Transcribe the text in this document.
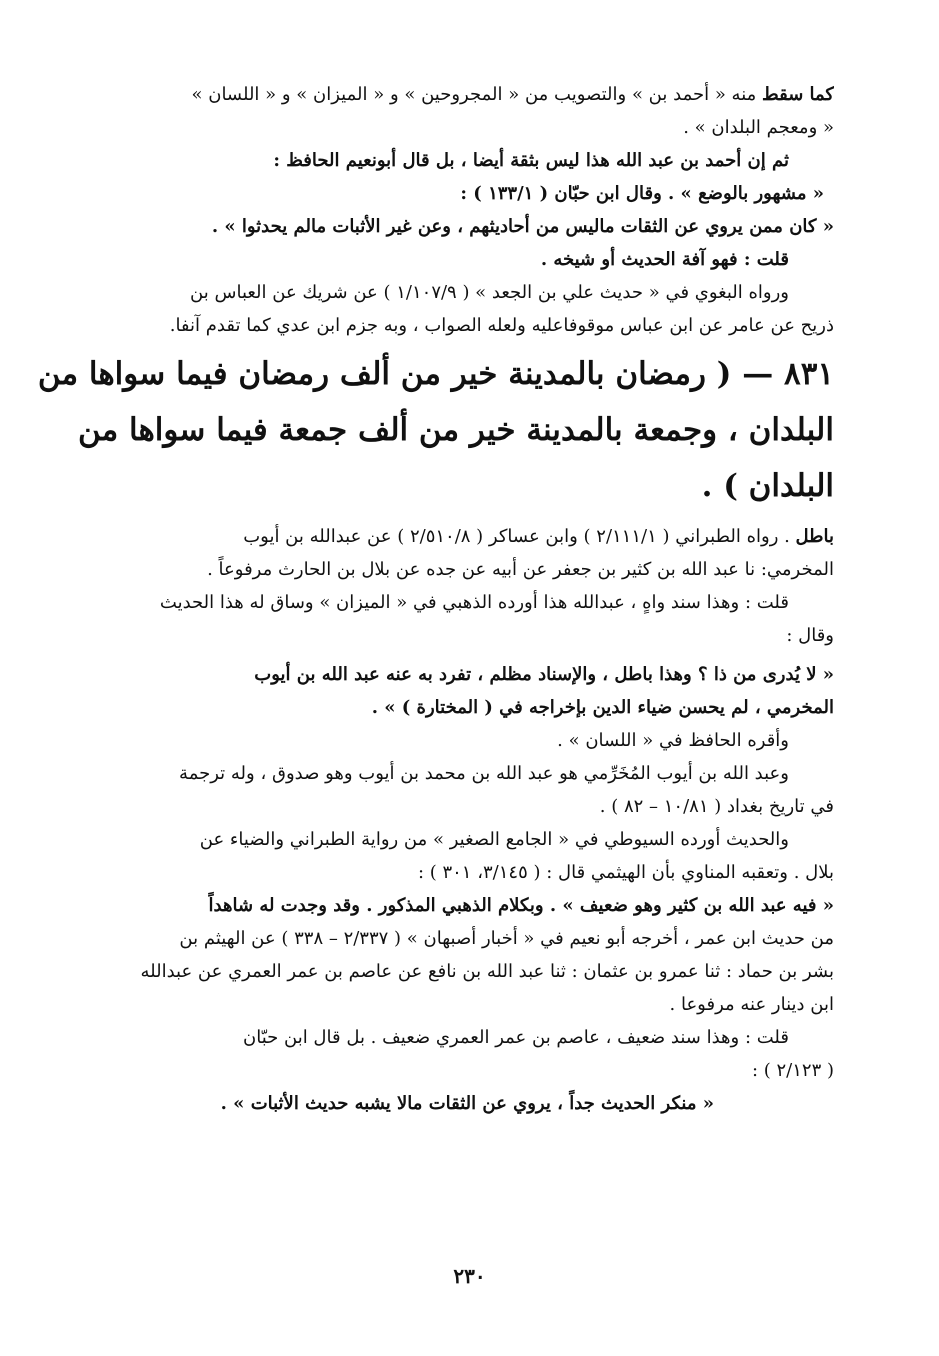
كما سقط منه « أحمد بن » والتصويب من « المجروحين » و « الميزان » و « اللسان »
« ومعجم البلدان » .
ثم إن أحمد بن عبد الله هذا ليس بثقة أيضا ، بل قال أبونعيم الحافظ :
« مشهور بالوضع » . وقال ابن حبّان ( ١٣٣/١ ) :
« كان ممن يروي عن الثقات ماليس من أحاديثهم ، وعن غير الأثبات مالم يحدثوا » .
قلت : فهو آفة الحديث أو شيخه .
ورواه البغوي في « حديث علي بن الجعد » ( ١/١٠٧/٩ ) عن شريك عن العباس بن
ذريح عن عامر عن ابن عباس موقوفاعليه ولعله الصواب ، وبه جزم ابن عدي كما تقدم آنفا.
٨٣١ — ( رمضان بالمدينة خير من ألف رمضان فيما سواها من
البلدان ، وجمعة بالمدينة خير من ألف جمعة فيما سواها من
البلدان ) .
باطل . رواه الطبراني ( ٢/١١١/١ ) وابن عساكر ( ٢/٥١٠/٨ ) عن عبدالله بن أيوب
المخرمي: نا عبد الله بن كثير بن جعفر عن أبيه عن جده عن بلال بن الحارث مرفوعاً .
قلت : وهذا سند واهٍ ، عبدالله هذا أورده الذهبي في « الميزان » وساق له هذا الحديث
وقال :
« لا يُدرى من ذا ؟ وهذا باطل ، والإسناد مظلم ، تفرد به عنه عبد الله بن أيوب
المخرمي ، لم يحسن ضياء الدين بإخراجه في ( المختارة ) » .
وأقره الحافظ في « اللسان » .
وعبد الله بن أيوب المُخَرِّمي هو عبد الله بن محمد بن أيوب وهو صدوق ، وله ترجمة
في تاريخ بغداد ( ١٠/٨١ – ٨٢ ) .
والحديث أورده السيوطي في « الجامع الصغير » من رواية الطبراني والضياء عن
بلال . وتعقبه المناوي بأن الهيثمي قال : ( ٣/١٤٥، ٣٠١ ) :
« فيه عبد الله بن كثير وهو ضعيف » . وبكلام الذهبي المذكور . وقد وجدت له شاهداً
من حديث ابن عمر ، أخرجه أبو نعيم في « أخبار أصبهان » ( ٢/٣٣٧ – ٣٣٨ ) عن الهيثم بن
بشر بن حماد : ثنا عمرو بن عثمان : ثنا عبد الله بن نافع عن عاصم بن عمر العمري عن عبدالله
ابن دينار عنه مرفوعا .
قلت : وهذا سند ضعيف ، عاصم بن عمر العمري ضعيف . بل قال ابن حبّان
( ٢/١٢٣ ) :
« منكر الحديث جداً ، يروي عن الثقات مالا يشبه حديث الأثبات » .
٢٣٠
